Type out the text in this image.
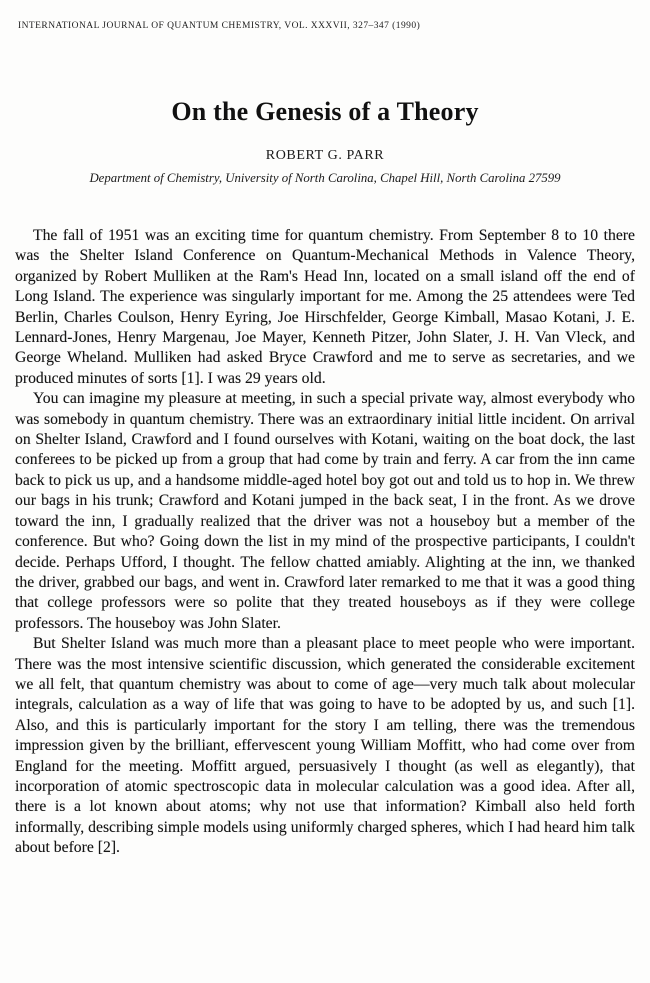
INTERNATIONAL JOURNAL OF QUANTUM CHEMISTRY, VOL. XXXVII, 327–347 (1990)
On the Genesis of a Theory
ROBERT G. PARR
Department of Chemistry, University of North Carolina, Chapel Hill, North Carolina 27599

The fall of 1951 was an exciting time for quantum chemistry. From September 8 to 10 there was the Shelter Island Conference on Quantum-Mechanical Methods in Valence Theory, organized by Robert Mulliken at the Ram's Head Inn, located on a small island off the end of Long Island. The experience was singularly important for me. Among the 25 attendees were Ted Berlin, Charles Coulson, Henry Eyring, Joe Hirschfelder, George Kimball, Masao Kotani, J. E. Lennard-Jones, Henry Margenau, Joe Mayer, Kenneth Pitzer, John Slater, J. H. Van Vleck, and George Wheland. Mulliken had asked Bryce Crawford and me to serve as secretaries, and we produced minutes of sorts [1]. I was 29 years old.

You can imagine my pleasure at meeting, in such a special private way, almost everybody who was somebody in quantum chemistry. There was an extraordinary initial little incident. On arrival on Shelter Island, Crawford and I found ourselves with Kotani, waiting on the boat dock, the last conferees to be picked up from a group that had come by train and ferry. A car from the inn came back to pick us up, and a handsome middle-aged hotel boy got out and told us to hop in. We threw our bags in his trunk; Crawford and Kotani jumped in the back seat, I in the front. As we drove toward the inn, I gradually realized that the driver was not a houseboy but a member of the conference. But who? Going down the list in my mind of the prospective participants, I couldn't decide. Perhaps Ufford, I thought. The fellow chatted amiably. Alighting at the inn, we thanked the driver, grabbed our bags, and went in. Crawford later remarked to me that it was a good thing that college professors were so polite that they treated houseboys as if they were college professors. The houseboy was John Slater.

But Shelter Island was much more than a pleasant place to meet people who were important. There was the most intensive scientific discussion, which generated the considerable excitement we all felt, that quantum chemistry was about to come of age—very much talk about molecular integrals, calculation as a way of life that was going to have to be adopted by us, and such [1]. Also, and this is particularly important for the story I am telling, there was the tremendous impression given by the brilliant, effervescent young William Moffitt, who had come over from England for the meeting. Moffitt argued, persuasively I thought (as well as elegantly), that incorporation of atomic spectroscopic data in molecular calculation was a good idea. After all, there is a lot known about atoms; why not use that information? Kimball also held forth informally, describing simple models using uniformly charged spheres, which I had heard him talk about before [2].
